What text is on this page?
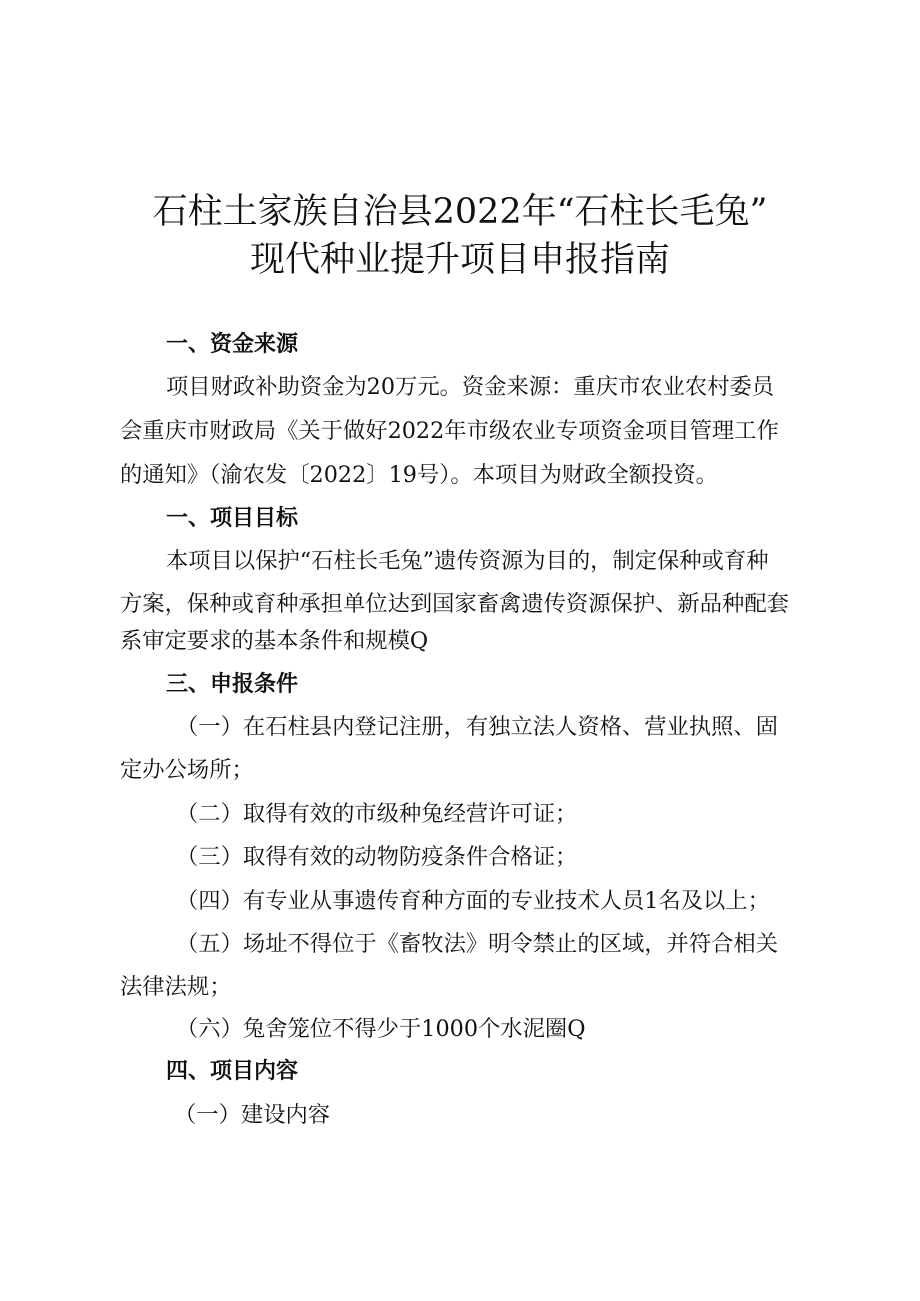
石柱土家族自治县2022年“石柱长毛兔”
现代种业提升项目申报指南
一、资金来源
项目财政补助资金为20万元。资金来源：重庆市农业农村委员
会重庆市财政局《关于做好2022年市级农业专项资金项目管理工作
的通知》（渝农发〔2022〕19号）。本项目为财政全额投资。
一、项目目标
本项目以保护“石柱长毛兔”遗传资源为目的，制定保种或育种
方案，保种或育种承担单位达到国家畜禽遗传资源保护、新品种配套
系审定要求的基本条件和规模Q
三、申报条件
（一）在石柱县内登记注册，有独立法人资格、营业执照、固
定办公场所；
（二）取得有效的市级种兔经营许可证；
（三）取得有效的动物防疫条件合格证；
（四）有专业从事遗传育种方面的专业技术人员1名及以上；
（五）场址不得位于《畜牧法》明令禁止的区域，并符合相关
法律法规；
（六）兔舍笼位不得少于1000个水泥圈Q
四、项目内容
（一）建设内容
